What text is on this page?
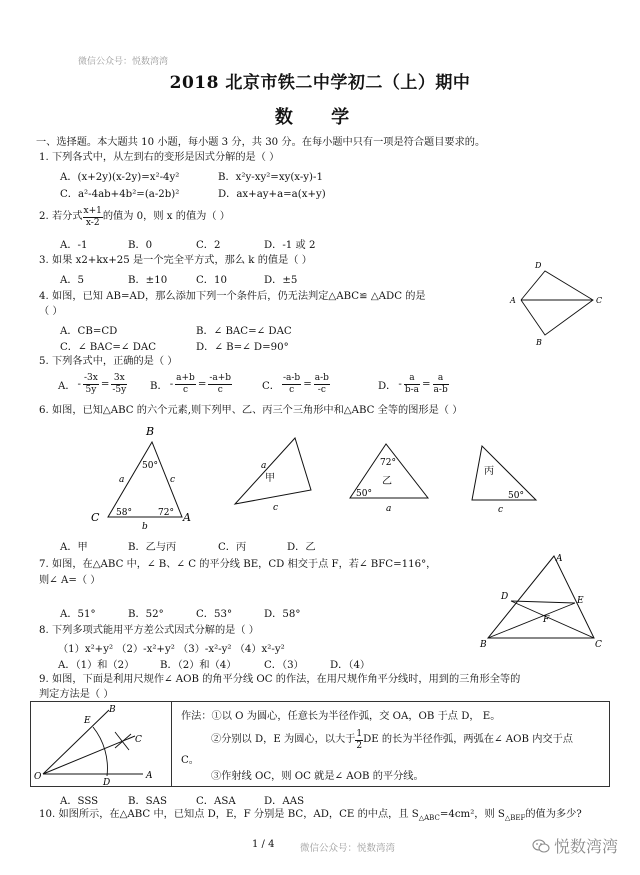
微信公众号：悦数湾湾
2018 北京市铁二中学初二（上）期中
数 学
一、选择题。本大题共 10 小题，每小题 3 分，共 30 分。在每小题中只有一项是符合题目要求的。
1. 下列各式中，从左到右的变形是因式分解的是（ ）
A．(x+2y)(x-2y)=x²-4y²	B．x²y-xy²=xy(x-y)-1
C．a²-4ab+4b²=(a-2b)²	D．ax+ay+a=a(x+y)
2. 若分式 $\frac{x+1}{x-2}$ 的值为 0，则 x 的值为（ ）
A．-1	B．0	C．2	D．-1 或 2
3. 如果 x2+kx+25 是一个完全平方式，那么 k 的值是（ ）
A．5	B．±10	C．10	D．±5
4. 如图，已知 AB=AD，那么添加下列一个条件后，仍无法判定△ABC≌ △ADC 的是
（ ）
A．CB=CD	B．∠ BAC=∠ DAC
C．∠ BAC=∠ DAC	D．∠ B=∠ D=90°
D
A	C
B
5. 下列各式中，正确的是（ ）
A． - $\frac{-3x}{5y} = \frac{3x}{-5y}$ B． - $\frac{a+b}{c} = \frac{-a+b}{c}$	C． $\frac{-a-b}{c} = \frac{a-b}{-c}$	D． - $\frac{a}{b-a} = \frac{a}{a-b}$
6. 如图，已知△ABC 的六个元素,则下列甲、乙、丙三个三角形中和△ABC 全等的图形是（ ）
B
C	A
50°
58°	72°
a	c
b
甲
a
c
72°
乙
50°
a
丙
50°
c
A．甲	B．乙与丙	C．丙	D．乙
7. 如图，在△ABC 中，∠ B、∠ C 的平分线 BE，CD 相交于点 F，若∠ BFC=116°，
则∠ A=（ ）
A．51°	B．52°	C．53°	D．58°
A
D	E
F
B	C
8. 下列多项式能用平方差公式因式分解的是（ ）
（1）x²+y² （2）-x²+y² （3）-x²-y² （4）x²-y²
A．（1）和（2）	B．（2）和（4）	C．（3）	D．（4）
9. 如图，下面是利用尺规作∠ AOB 的角平分线 OC 的作法，在用尺规作角平分线时，用到的三角形全等的
判定方法是（ ）
B
E
C
O
D
A
作法：①以 O 为圆心，任意长为半径作弧，交 OA，OB 于点 D， E。
②分别以 D，E 为圆心，以大于 $\frac{1}{2}$ DE 的长为半径作弧，两弧在∠ AOB 内交于点
C。
③作射线 OC，则 OC 就是∠ AOB 的平分线。
A．SSS	B．SAS	C．ASA	D．AAS
10. 如图所示，在△ABC 中，已知点 D，E，F 分别是 BC，AD，CE 的中点，且 $S_{\triangle ABC}=4cm^2$，则 $S_{\triangle BEF}$的值为多少?
1 / 4	微信公众号：悦数湾湾	悦数湾湾
